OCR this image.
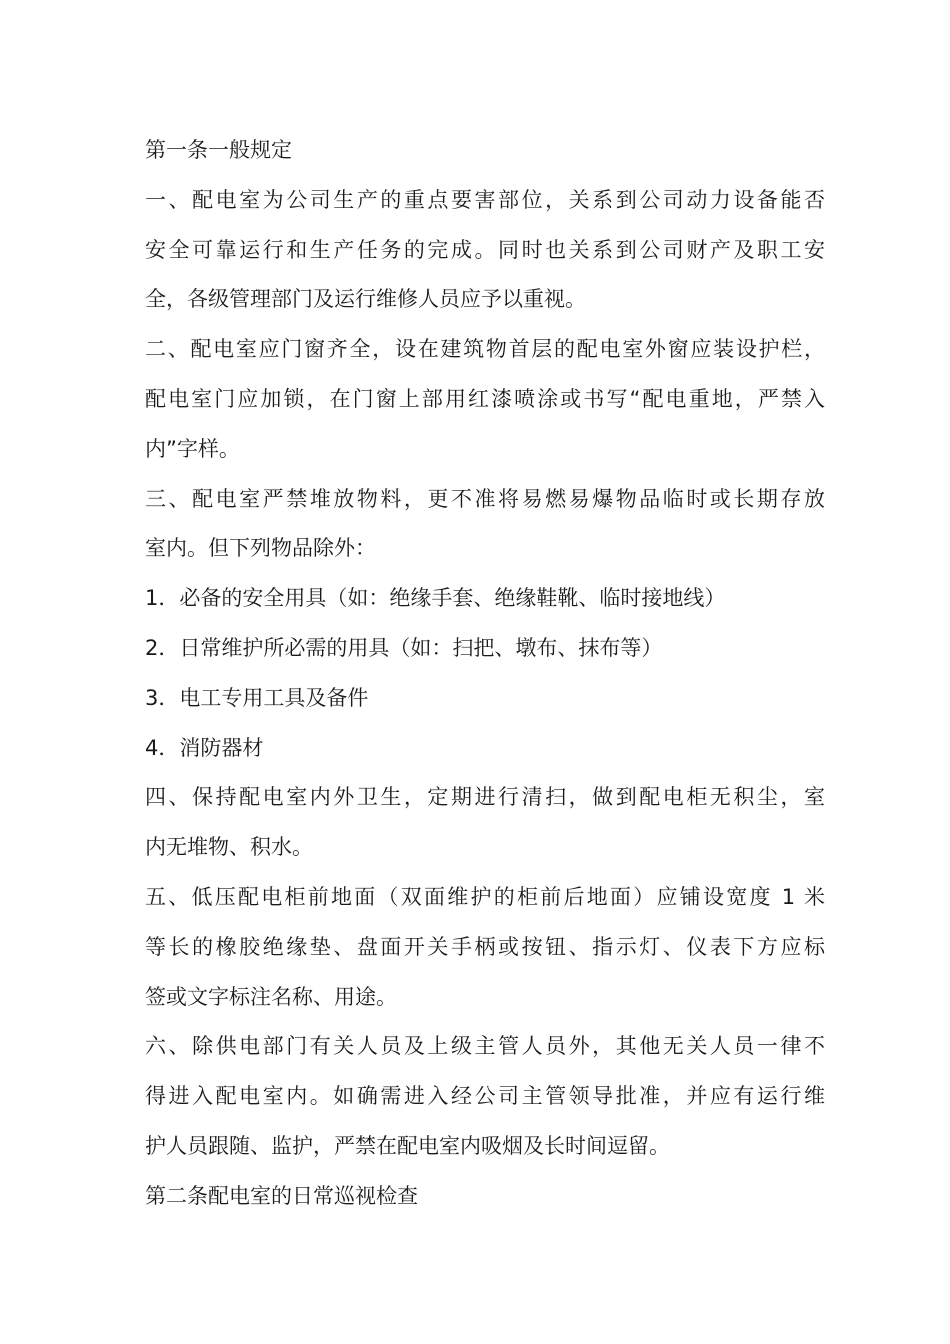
第一条一般规定
一、配电室为公司生产的重点要害部位，关系到公司动力设备能否
安全可靠运行和生产任务的完成。同时也关系到公司财产及职工安
全，各级管理部门及运行维修人员应予以重视。
二、配电室应门窗齐全，设在建筑物首层的配电室外窗应装设护栏，
配电室门应加锁，在门窗上部用红漆喷涂或书写“配电重地，严禁入
内”字样。
三、配电室严禁堆放物料，更不准将易燃易爆物品临时或长期存放
室内。但下列物品除外：
1．必备的安全用具（如：绝缘手套、绝缘鞋靴、临时接地线）
2．日常维护所必需的用具（如：扫把、墩布、抹布等）
3．电工专用工具及备件
4．消防器材
四、保持配电室内外卫生，定期进行清扫，做到配电柜无积尘，室
内无堆物、积水。
五、低压配电柜前地面（双面维护的柜前后地面）应铺设宽度 1 米
等长的橡胶绝缘垫、盘面开关手柄或按钮、指示灯、仪表下方应标
签或文字标注名称、用途。
六、除供电部门有关人员及上级主管人员外，其他无关人员一律不
得进入配电室内。如确需进入经公司主管领导批准，并应有运行维
护人员跟随、监护，严禁在配电室内吸烟及长时间逗留。
第二条配电室的日常巡视检查
